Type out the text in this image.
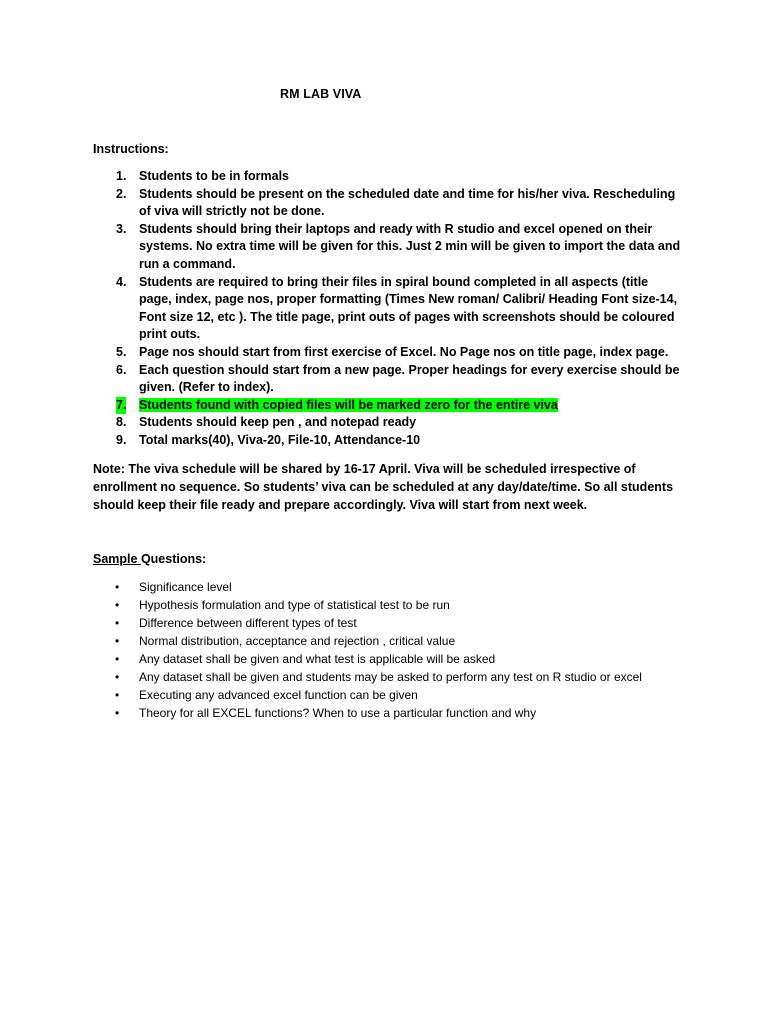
RM LAB VIVA
Instructions:
1. Students to be in formals
2. Students should be present on the scheduled date and time for his/her viva. Rescheduling of viva will strictly not be done.
3. Students should bring their laptops and ready with R studio and excel opened on their systems. No extra time will be given for this. Just 2 min will be given to import the data and run a command.
4. Students are required to bring their files in spiral bound completed in all aspects (title page, index, page nos, proper formatting (Times New roman/ Calibri/ Heading Font size-14, Font size 12, etc ). The title page, print outs of pages with screenshots should be coloured print outs.
5. Page nos should start from first exercise of Excel. No Page nos on title page, index page.
6. Each question should start from a new page. Proper headings for every exercise should be given. (Refer to index).
7. Students found with copied files will be marked zero for the entire viva
8. Students should keep pen , and notepad ready
9. Total marks(40), Viva-20, File-10, Attendance-10

Note: The viva schedule will be shared by 16-17 April. Viva will be scheduled irrespective of enrollment no sequence. So students’ viva can be scheduled at any day/date/time. So all students should keep their file ready and prepare accordingly. Viva will start from next week.

Sample Questions:
• Significance level
• Hypothesis formulation and type of statistical test to be run
• Difference between different types of test
• Normal distribution, acceptance and rejection , critical value
• Any dataset shall be given and what test is applicable will be asked
• Any dataset shall be given and students may be asked to perform any test on R studio or excel
• Executing any advanced excel function can be given
• Theory for all EXCEL functions? When to use a particular function and why
